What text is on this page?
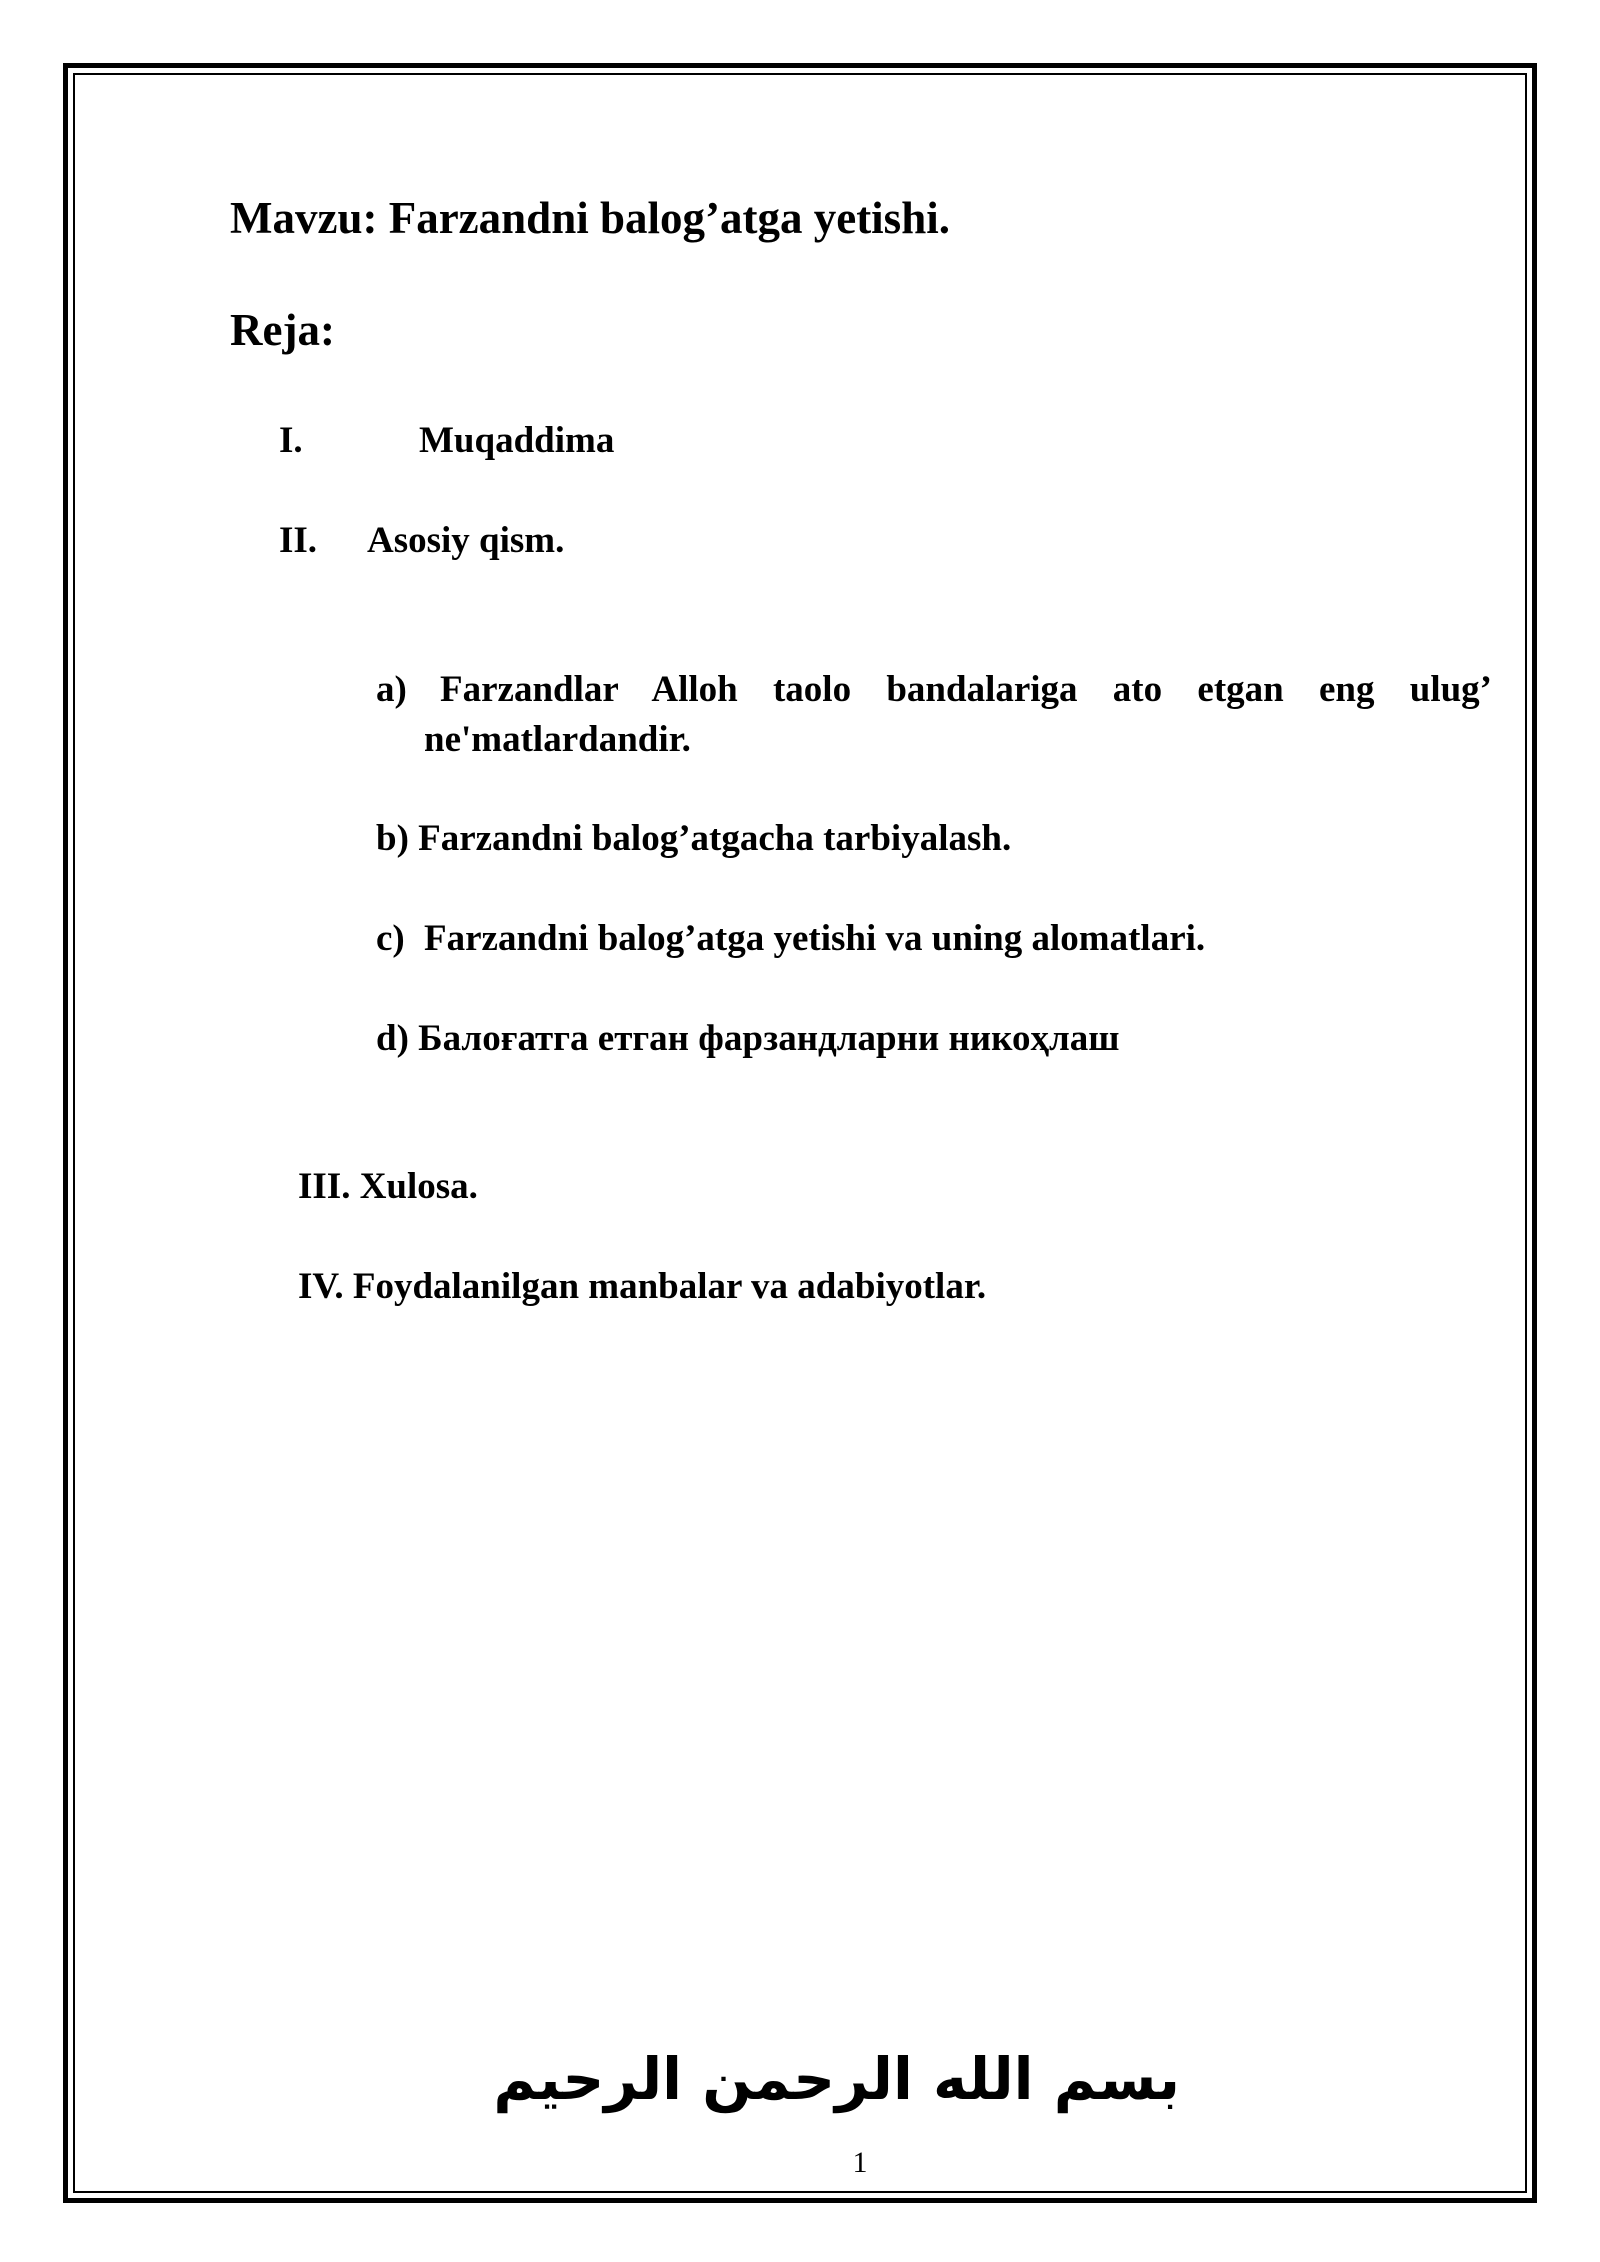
Mavzu: Farzandni balog’atga yetishi.
Reja:
I.	Muqaddima
II. Asosiy qism.
a) Farzandlar Alloh taolo bandalariga ato etgan eng ulug’
ne'matlardandir.
b) Farzandni balog’atgacha tarbiyalash.
c) Farzandni balog’atga yetishi va uning alomatlari.
d) Балоғатга етган фарзандларни никоҳлаш
III. Xulosa.
IV. Foydalanilgan manbalar va adabiyotlar.
بسم الله الرحمن الرحيم
1
